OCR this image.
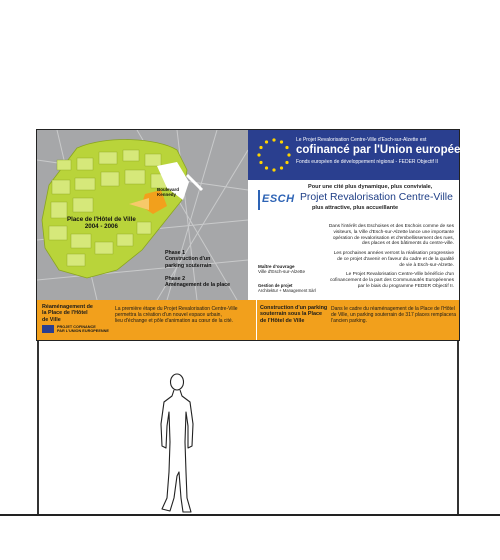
Boulevard
Kennedy
Place de l'Hôtel de Ville
2004 - 2006
Phase 1
Construction d'un
parking souterrain
Phase 2
Aménagement de la place
Le Projet Revalorisation Centre-Ville d'Esch-sur-Alzette est
cofinancé par l'Union européenne
Fonds européen de développement régional - FEDER Objectif II
Pour une cité plus dynamique, plus conviviale,
ESCH Projet Revalorisation Centre-Ville
plus attractive, plus accueillante
Dans l'intérêt des Eschoises et des Eschois comme de ses
visiteurs, la Ville d'Esch-sur-Alzette lance une importante
opération de revalorisation et d'embellissement des rues,
des places et des bâtiments du centre-ville.
Les prochaines années verront la réalisation progressive
de ce projet d'avenir en faveur du cadre et de la qualité
de vie à Esch-sur-Alzette.
Le Projet Revalorisation Centre-Ville bénéficie d'un
cofinancement de la part des Communautés Européennes
par le biais du programme FEDER Objectif II.
Maître d'ouvrage
Ville d'Esch-sur-Alzette
Gestion de projet
Architektur + Management Sàrl
Réaménagement de
la Place de l'Hôtel
de Ville
PROJET COFINANCE
PAR L'UNION EUROPEENNE
La première étape du Projet Revalorisation Centre-Ville
permettra la création d'un nouvel espace urbain,
lieu d'échange et pôle d'animation au cœur de la cité.
Construction d'un parking
souterrain sous la Place
de l'Hôtel de Ville
Dans le cadre du réaménagement de la Place de l'Hôtel
de Ville, un parking souterrain de 317 places remplacera
l'ancien parking.
